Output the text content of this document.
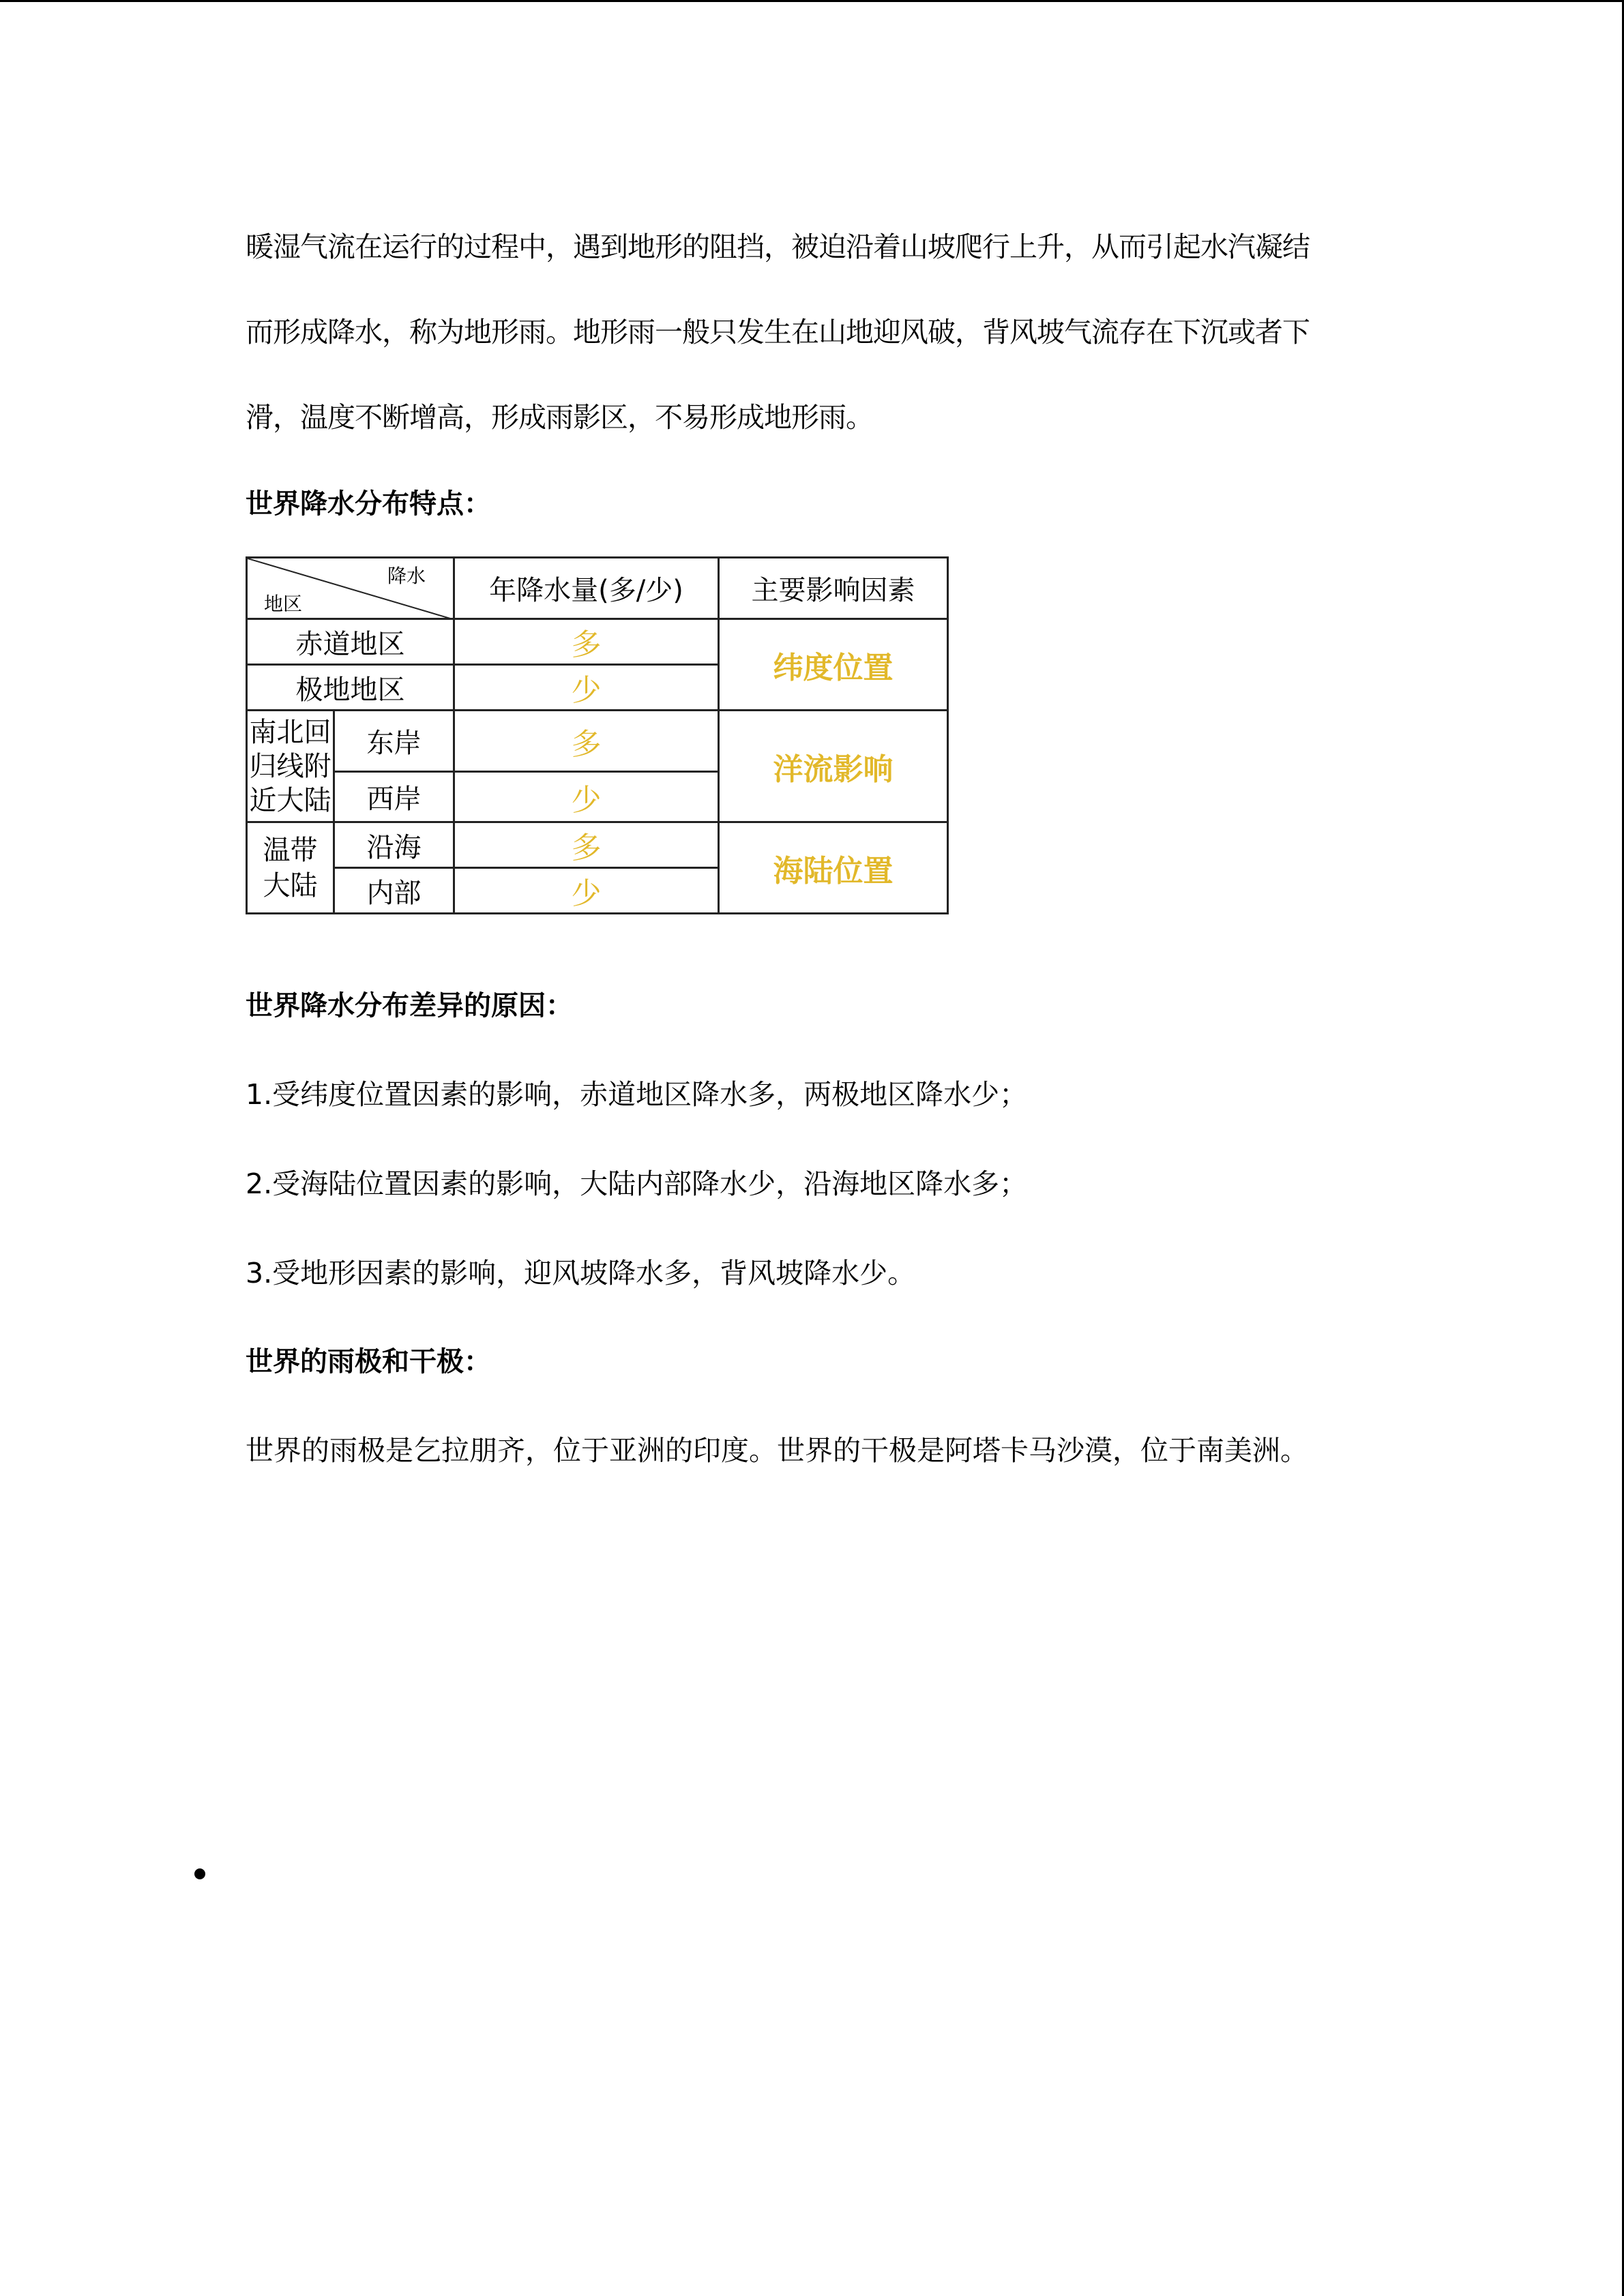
暖湿气流在运行的过程中，遇到地形的阻挡，被迫沿着山坡爬行上升，从而引起水汽凝结
而形成降水，称为地形雨。地形雨一般只发生在山地迎风破，背风坡气流存在下沉或者下
滑，温度不断增高，形成雨影区，不易形成地形雨。

世界降水分布特点：

降水
地区		年降水量(多/少)	主要影响因素
赤道地区		多	纬度位置
极地地区		少	

南北回
归线附
近大陆	东岸	多	洋流影响
	西岸	少	

温带
大陆	沿海	多	海陆位置
	内部	少	

世界降水分布差异的原因：

1.受纬度位置因素的影响，赤道地区降水多，两极地区降水少；

2.受海陆位置因素的影响，大陆内部降水少，沿海地区降水多；

3.受地形因素的影响，迎风坡降水多，背风坡降水少。

世界的雨极和干极：

世界的雨极是乞拉朋齐，位于亚洲的印度。世界的干极是阿塔卡马沙漠，位于南美洲。
